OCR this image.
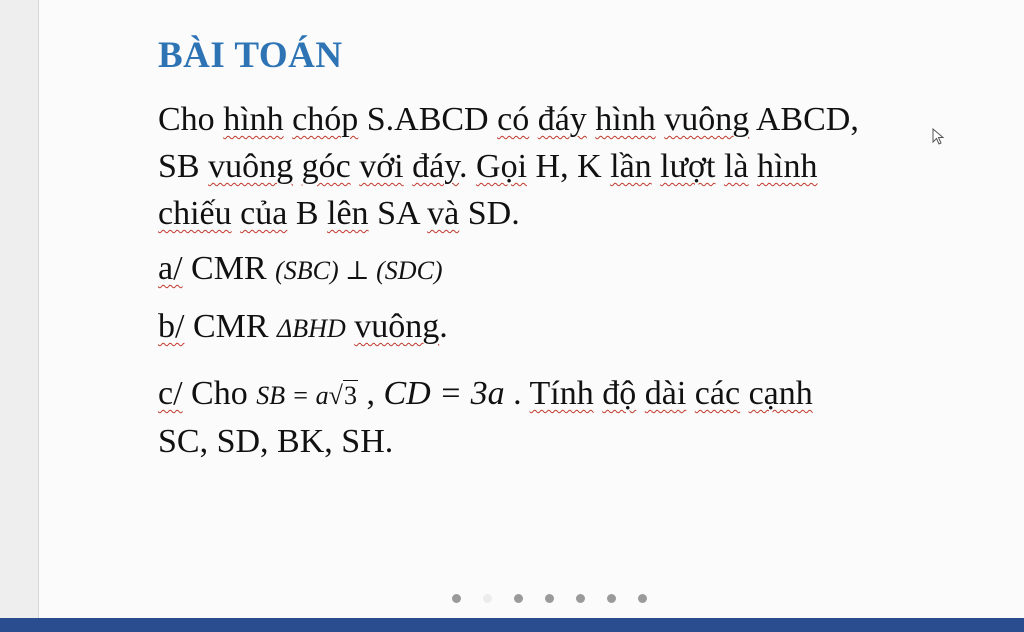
BÀI TOÁN
Cho hình chóp S.ABCD có đáy hình vuông ABCD,
SB vuông góc với đáy. Gọi H, K lần lượt là hình
chiếu của B lên SA và SD.
a/ CMR (SBC) ⊥ (SDC)
b/ CMR ΔBHD vuông.
c/ Cho SB = a√3 , CD = 3a . Tính độ dài các cạnh
SC, SD, BK, SH.
